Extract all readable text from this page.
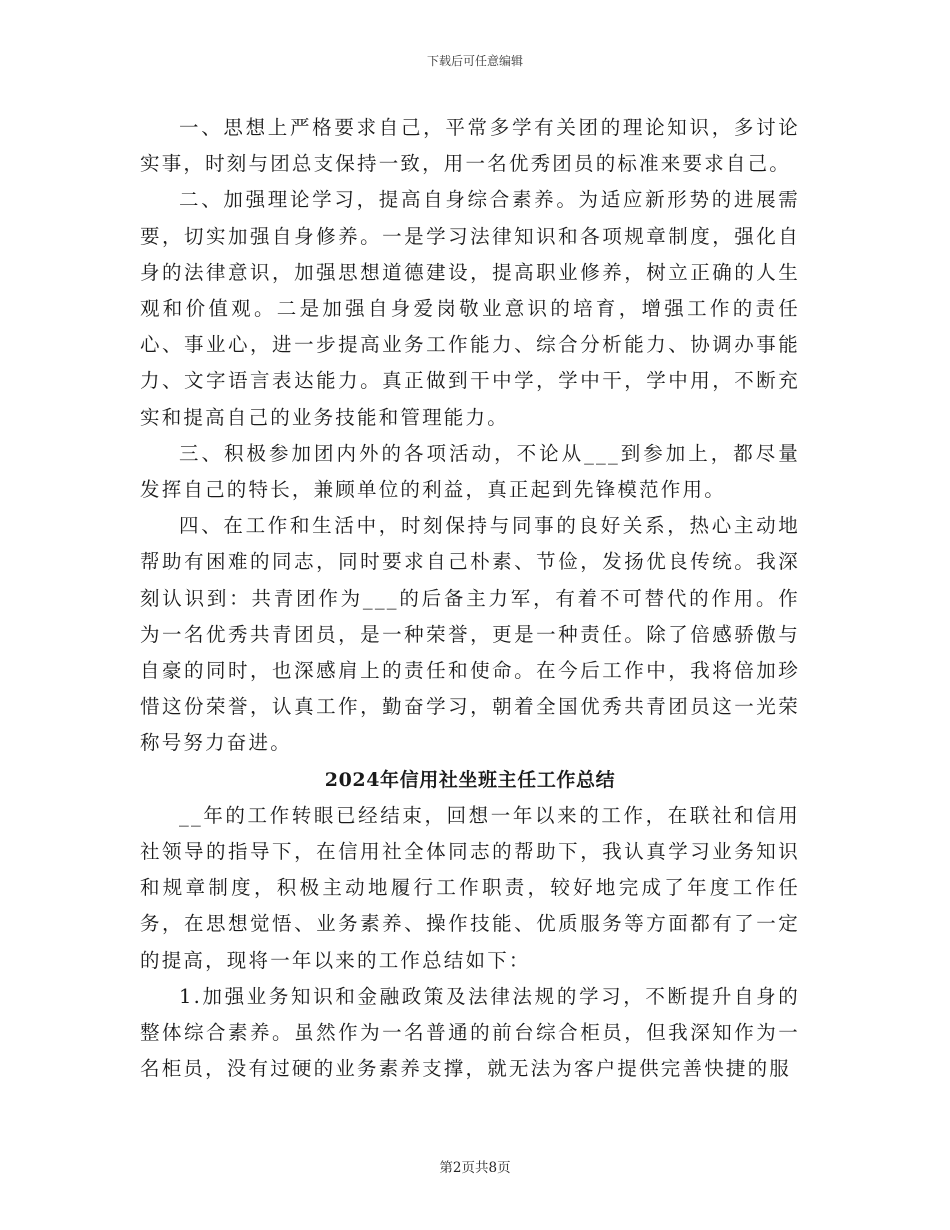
下载后可任意编辑

一、思想上严格要求自己，平常多学有关团的理论知识，多讨论实事，时刻与团总支保持一致，用一名优秀团员的标准来要求自己。

二、加强理论学习，提高自身综合素养。为适应新形势的进展需要，切实加强自身修养。一是学习法律知识和各项规章制度，强化自身的法律意识，加强思想道德建设，提高职业修养，树立正确的人生观和价值观。二是加强自身爱岗敬业意识的培育，增强工作的责任心、事业心，进一步提高业务工作能力、综合分析能力、协调办事能力、文字语言表达能力。真正做到干中学，学中干，学中用，不断充实和提高自己的业务技能和管理能力。

三、积极参加团内外的各项活动，不论从___到参加上，都尽量发挥自己的特长，兼顾单位的利益，真正起到先锋模范作用。

四、在工作和生活中，时刻保持与同事的良好关系，热心主动地帮助有困难的同志，同时要求自己朴素、节俭，发扬优良传统。我深刻认识到：共青团作为___的后备主力军，有着不可替代的作用。作为一名优秀共青团员，是一种荣誉，更是一种责任。除了倍感骄傲与自豪的同时，也深感肩上的责任和使命。在今后工作中，我将倍加珍惜这份荣誉，认真工作，勤奋学习，朝着全国优秀共青团员这一光荣称号努力奋进。

2024年信用社坐班主任工作总结

__年的工作转眼已经结束，回想一年以来的工作，在联社和信用社领导的指导下，在信用社全体同志的帮助下，我认真学习业务知识和规章制度，积极主动地履行工作职责，较好地完成了年度工作任务，在思想觉悟、业务素养、操作技能、优质服务等方面都有了一定的提高，现将一年以来的工作总结如下：

1.加强业务知识和金融政策及法律法规的学习，不断提升自身的整体综合素养。虽然作为一名普通的前台综合柜员，但我深知作为一名柜员，没有过硬的业务素养支撑，就无法为客户提供完善快捷的服

第2页共8页
